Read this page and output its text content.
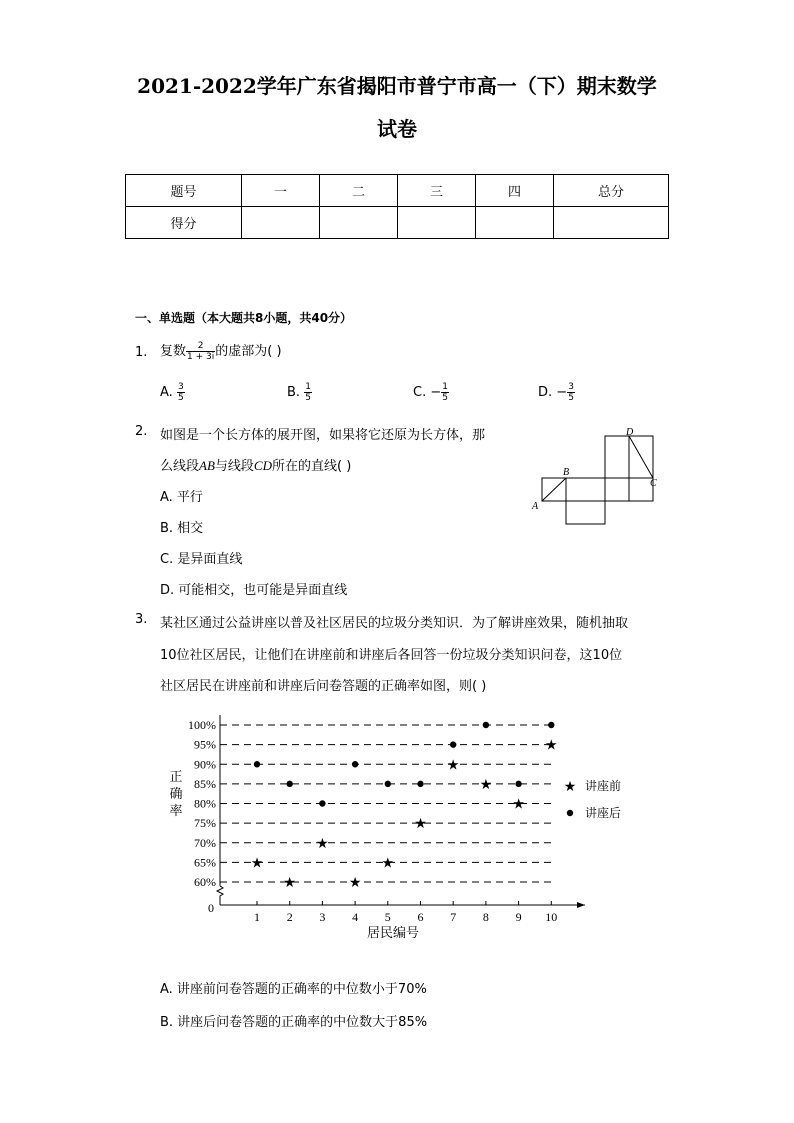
2021-2022学年广东省揭阳市普宁市高一（下）期末数学
试卷
题号	一	二	三	四	总分
得分					
一、单选题（本大题共8小题，共40分）
1. 复数 $\frac{2}{1 + 3i}$ 的虚部为( )
A. $\frac{3}{5}$	B. $\frac{1}{5}$	C. − $\frac{1}{5}$	D. − $\frac{3}{5}$
2. 如图是一个长方体的展开图，如果将它还原为长方体，那
么线段AB与线段CD所在的直线( )
A. 平行
B. 相交
C. 是异面直线
D. 可能相交，也可能是异面直线
A
B
C
D
3. 某社区通过公益讲座以普及社区居民的垃圾分类知识．为了解讲座效果，随机抽取
10位社区居民，让他们在讲座前和讲座后各回答一份垃圾分类知识问卷，这10位
社区居民在讲座前和讲座后问卷答题的正确率如图，则( )
60%
65%
70%
75%
80%
85%
90%
95%
100%
0
1 2 3 4 5 6 7 8 9 10
居民编号
正确率
★
★
★
★
★
★
★
★
★
★
★ 讲座前
讲座后
A. 讲座前问卷答题的正确率的中位数小于70%
B. 讲座后问卷答题的正确率的中位数大于85%
